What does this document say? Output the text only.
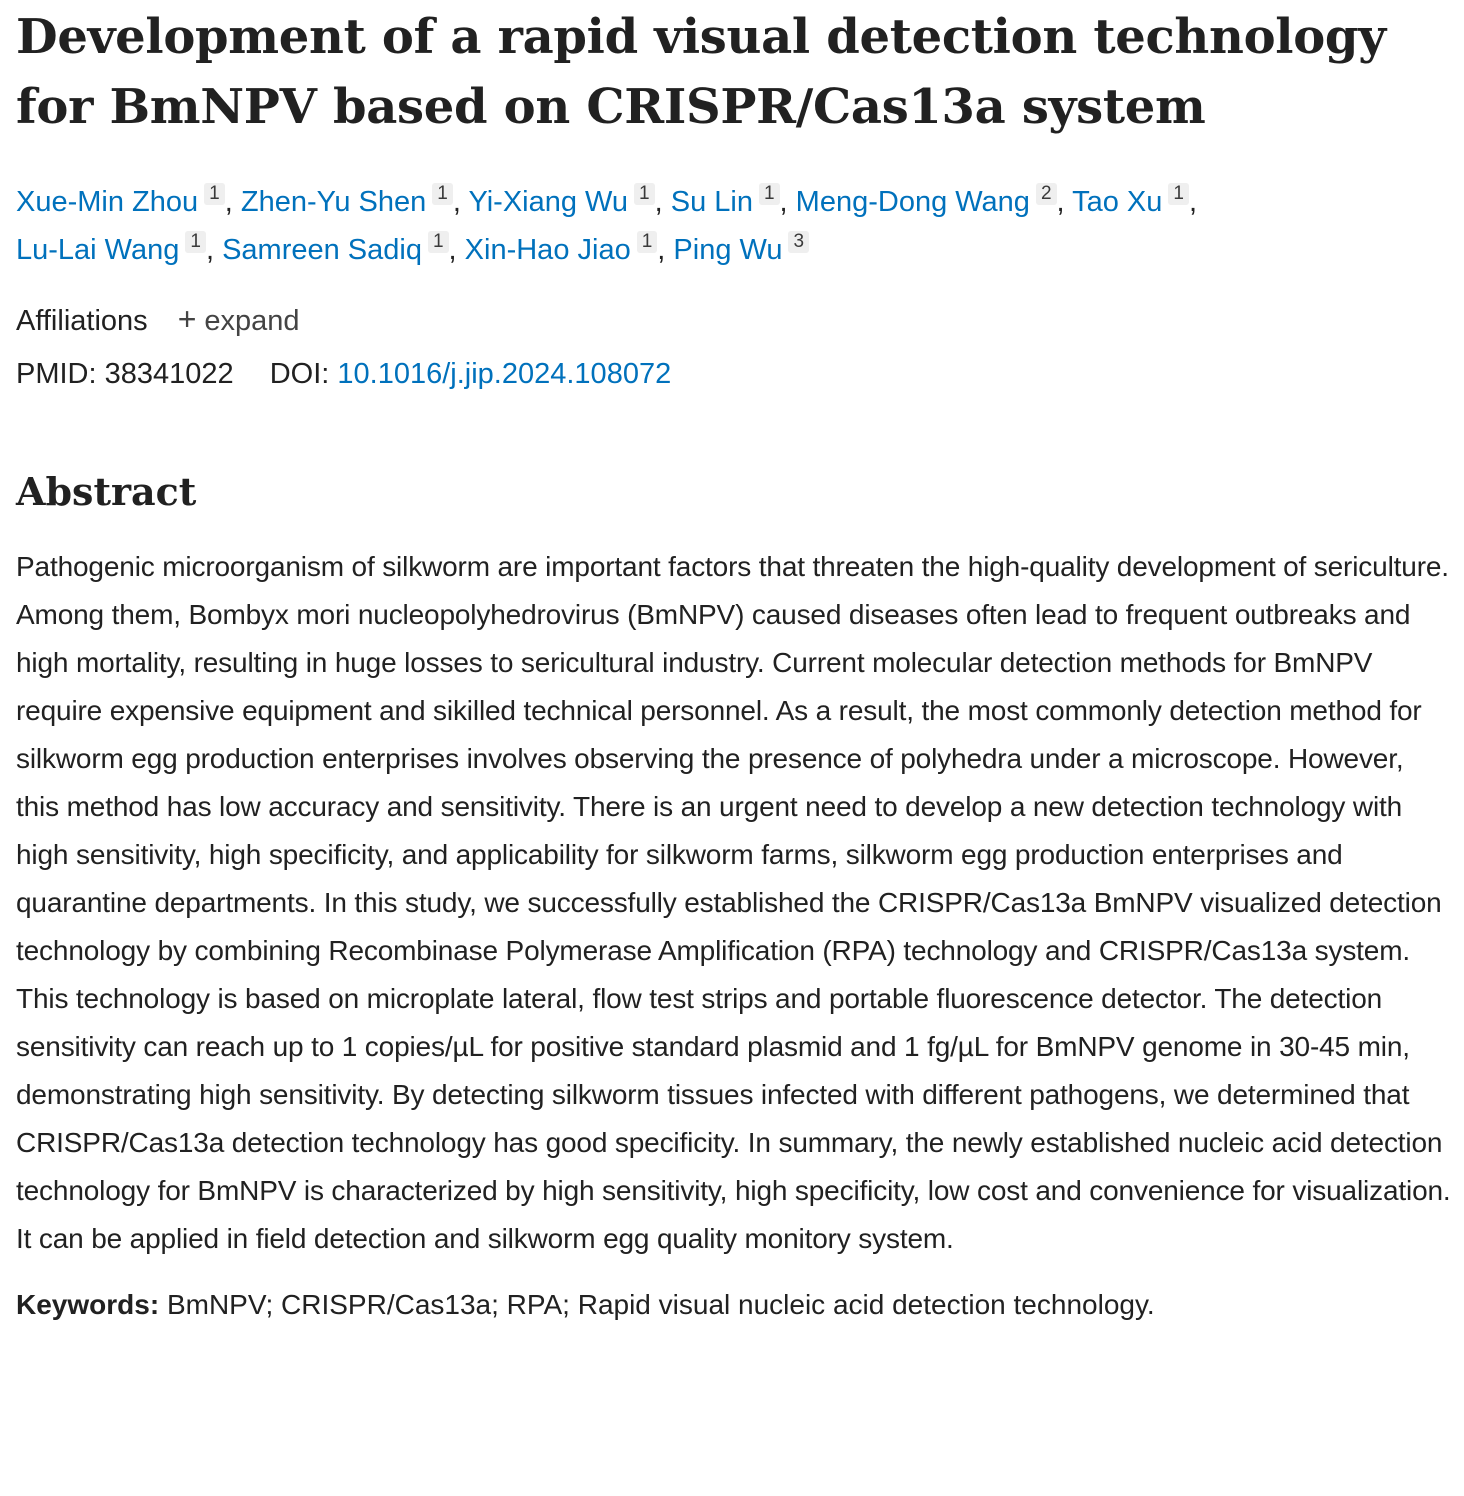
Development of a rapid visual detection technology for BmNPV based on CRISPR/Cas13a system
Xue-Min Zhou 1 , Zhen-Yu Shen 1 , Yi-Xiang Wu 1 , Su Lin 1 , Meng-Dong Wang 2 , Tao Xu 1 ,
Lu-Lai Wang 1 , Samreen Sadiq 1 , Xin-Hao Jiao 1 , Ping Wu 3
Affiliations + expand
PMID: 38341022 DOI: 10.1016/j.jip.2024.108072
Abstract
Pathogenic microorganism of silkworm are important factors that threaten the high-quality development of sericulture. Among them, Bombyx mori nucleopolyhedrovirus (BmNPV) caused diseases often lead to frequent outbreaks and high mortality, resulting in huge losses to sericultural industry. Current molecular detection methods for BmNPV require expensive equipment and sikilled technical personnel. As a result, the most commonly detection method for silkworm egg production enterprises involves observing the presence of polyhedra under a microscope. However, this method has low accuracy and sensitivity. There is an urgent need to develop a new detection technology with high sensitivity, high specificity, and applicability for silkworm farms, silkworm egg production enterprises and quarantine departments. In this study, we successfully established the CRISPR/Cas13a BmNPV visualized detection technology by combining Recombinase Polymerase Amplification (RPA) technology and CRISPR/Cas13a system. This technology is based on microplate lateral, flow test strips and portable fluorescence detector. The detection sensitivity can reach up to 1 copies/µL for positive standard plasmid and 1 fg/µL for BmNPV genome in 30-45 min, demonstrating high sensitivity. By detecting silkworm tissues infected with different pathogens, we determined that CRISPR/Cas13a detection technology has good specificity. In summary, the newly established nucleic acid detection technology for BmNPV is characterized by high sensitivity, high specificity, low cost and convenience for visualization. It can be applied in field detection and silkworm egg quality monitory system.
Keywords: BmNPV; CRISPR/Cas13a; RPA; Rapid visual nucleic acid detection technology.
